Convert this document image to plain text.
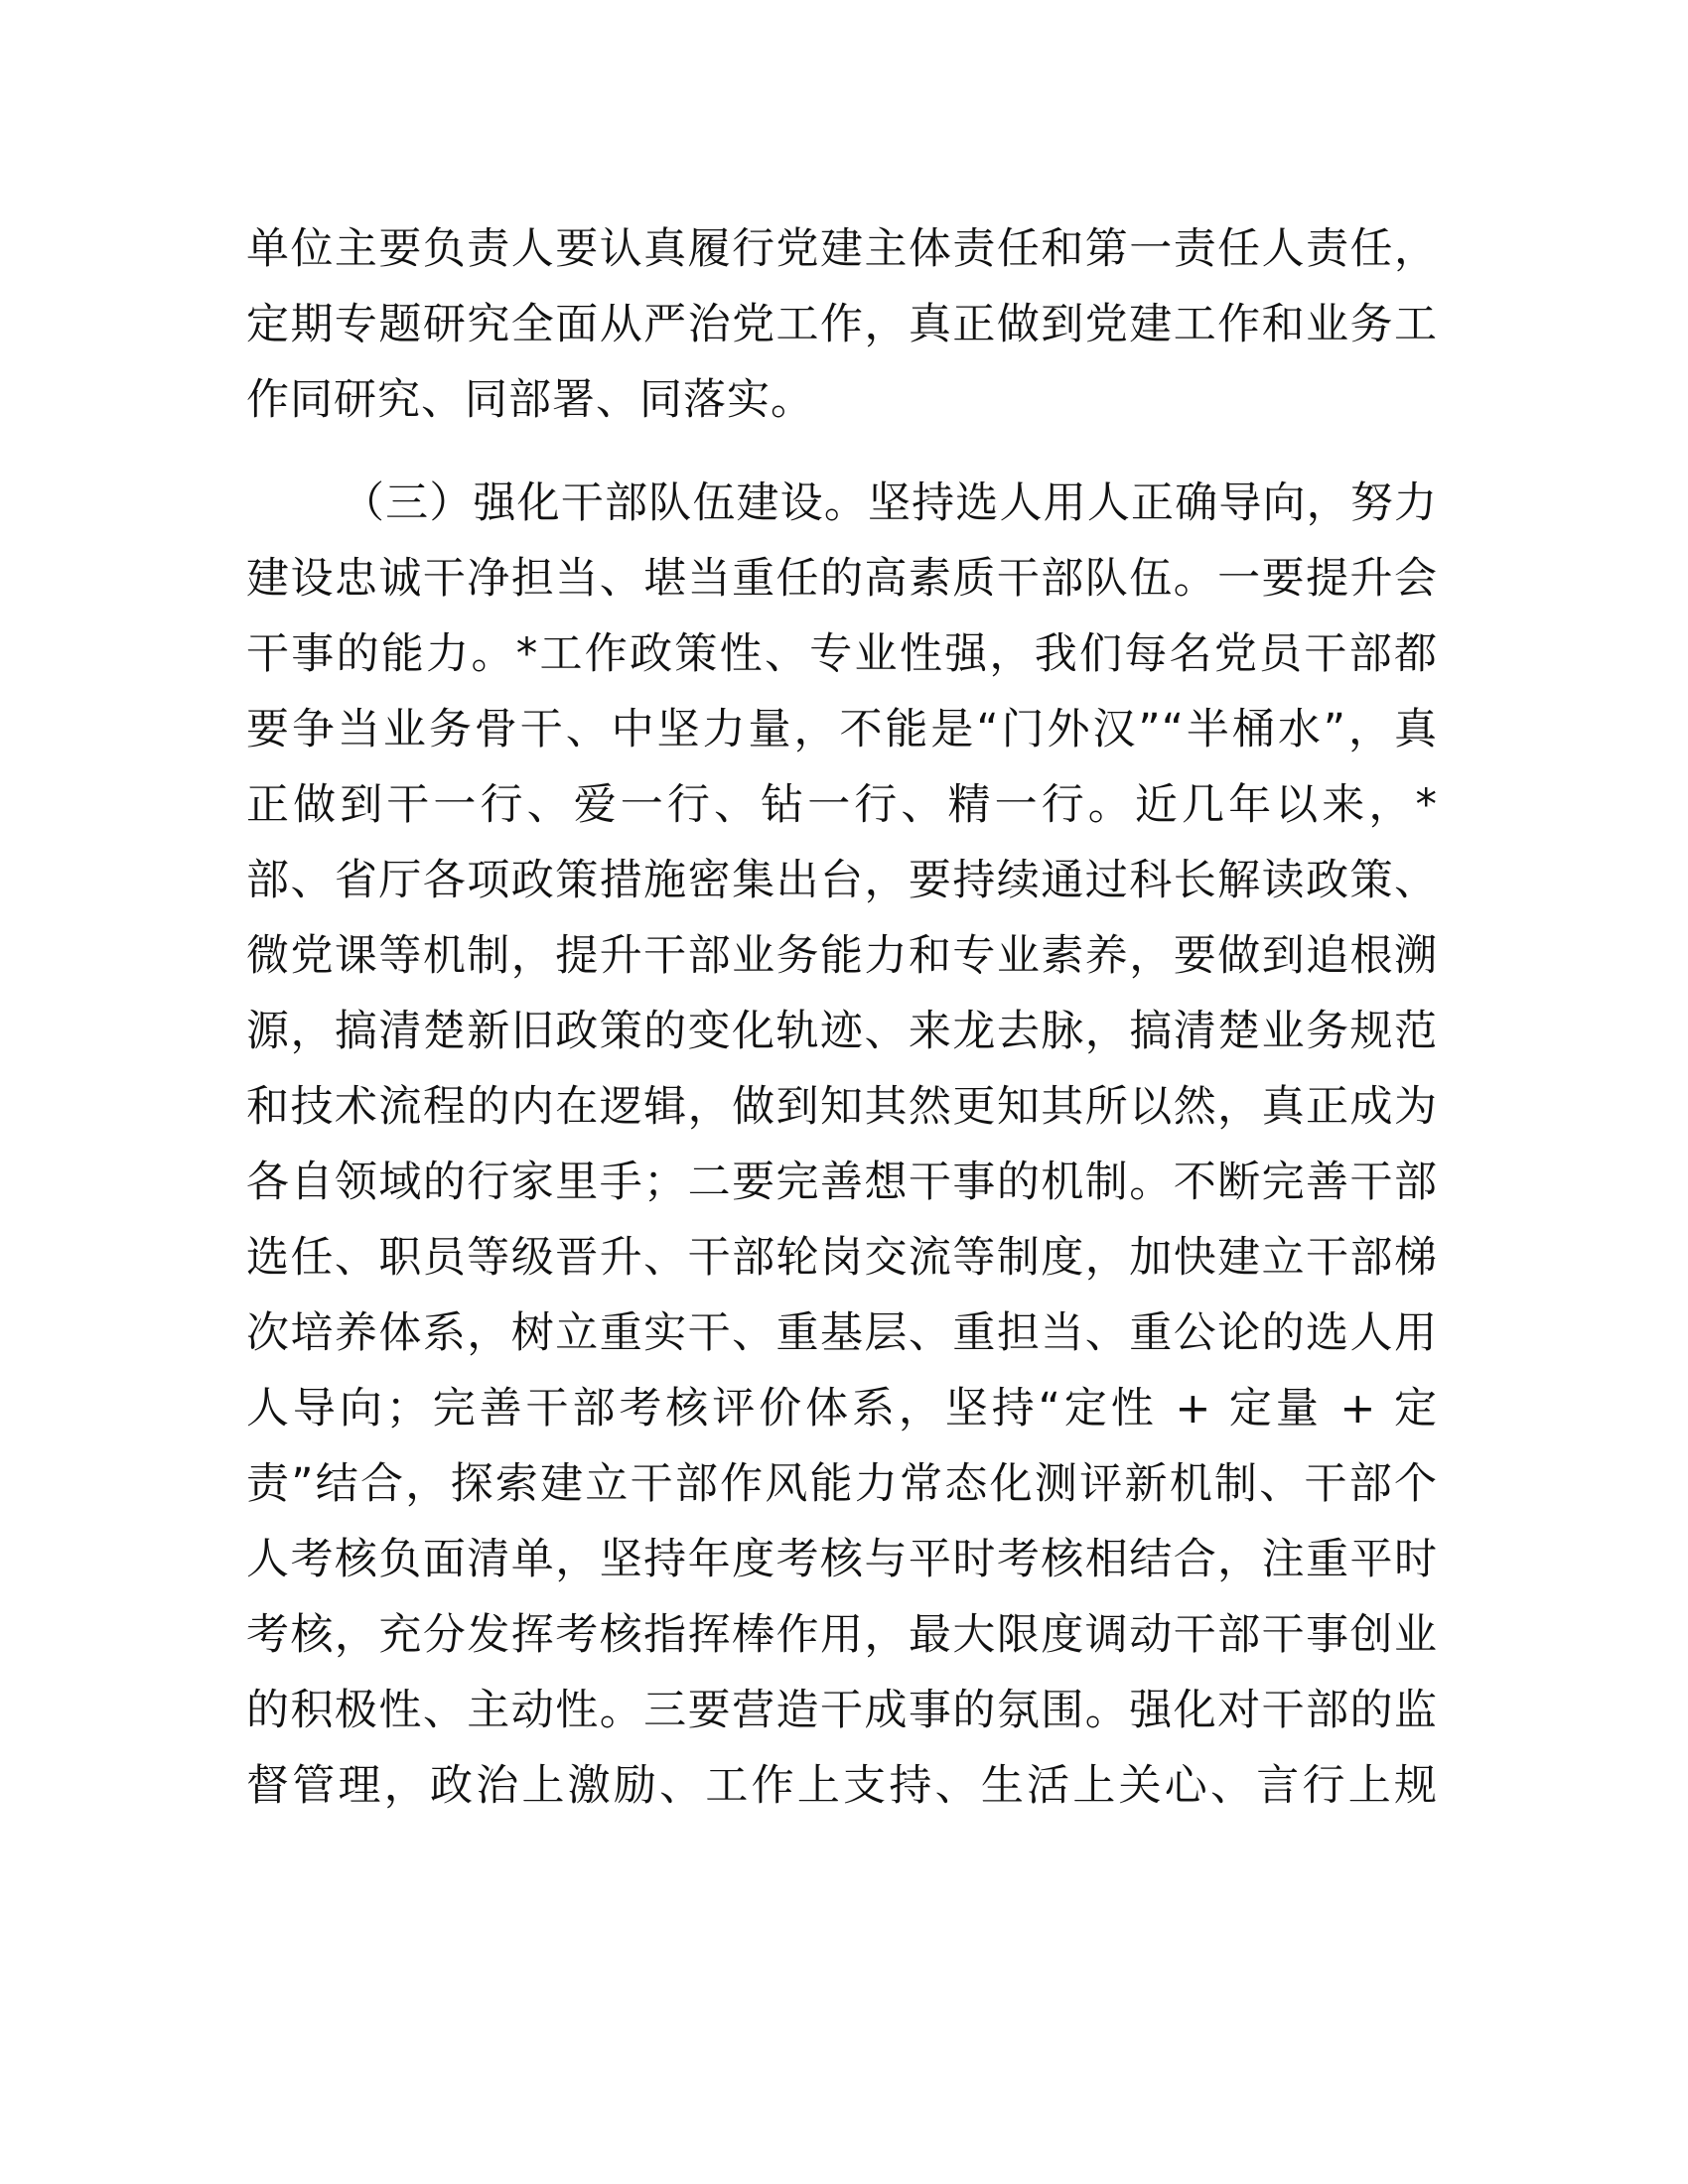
单位主要负责人要认真履行党建主体责任和第一责任人责任，
定期专题研究全面从严治党工作，真正做到党建工作和业务工
作同研究、同部署、同落实。
（三）强化干部队伍建设。坚持选人用人正确导向，努力
建设忠诚干净担当、堪当重任的高素质干部队伍。一要提升会
干事的能力。*工作政策性、专业性强，我们每名党员干部都
要争当业务骨干、中坚力量，不能是“门外汉”“半桶水”，真
正做到干一行、爱一行、钻一行、精一行。近几年以来，*
部、省厅各项政策措施密集出台，要持续通过科长解读政策、
微党课等机制，提升干部业务能力和专业素养，要做到追根溯
源，搞清楚新旧政策的变化轨迹、来龙去脉，搞清楚业务规范
和技术流程的内在逻辑，做到知其然更知其所以然，真正成为
各自领域的行家里手；二要完善想干事的机制。不断完善干部
选任、职员等级晋升、干部轮岗交流等制度，加快建立干部梯
次培养体系，树立重实干、重基层、重担当、重公论的选人用
人导向；完善干部考核评价体系，坚持“定性 + 定量 + 定
责”结合，探索建立干部作风能力常态化测评新机制、干部个
人考核负面清单，坚持年度考核与平时考核相结合，注重平时
考核，充分发挥考核指挥棒作用，最大限度调动干部干事创业
的积极性、主动性。三要营造干成事的氛围。强化对干部的监
督管理，政治上激励、工作上支持、生活上关心、言行上规
